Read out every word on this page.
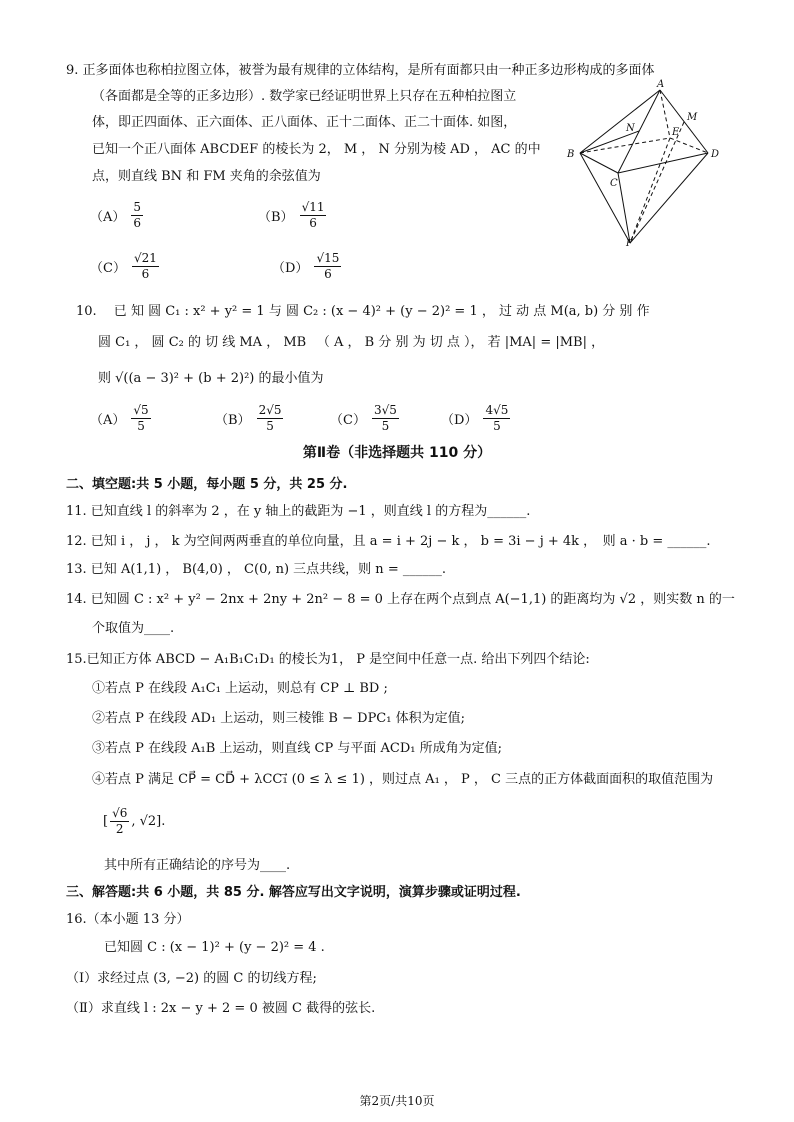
9. 正多面体也称柏拉图立体，被誉为最有规律的立体结构，是所有面都只由一种正多边形构成的多面体
（各面都是全等的正多边形）. 数学家已经证明世界上只存在五种柏拉图立
体，即正四面体、正六面体、正八面体、正十二面体、正二十面体. 如图，
已知一个正八面体 ABCDEF 的棱长为 2， M ， N 分别为棱 AD ， AC 的中
点，则直线 BN 和 FM 夹角的余弦值为
$(A) \frac{5}{6}$	$(B) \frac{√11}{6}$
$(C) \frac{√21}{6}$	$(D) \frac{√15}{6}$
A
B
C
D
E
F
M
N
10.　 已 知 圆 C₁ : x² + y² = 1 与 圆 C₂ : (x − 4)² + (y − 2)² = 1 ， 过 动 点 M(a, b) 分 别 作
圆 C₁ ， 圆 C₂ 的 切 线 MA ， MB 　（ A ， B 分 别 为 切 点 ）， 若 |MA| = |MB| ，
则 √((a − 3)² + (b + 2)²) 的最小值为
$(A) \frac{√5}{5}$	$(B) \frac{2√5}{5}$	$(C) \frac{3√5}{5}$	$(D) \frac{4√5}{5}$
第Ⅱ卷（非选择题共 110 分）
二、填空题:共 5 小题，每小题 5 分，共 25 分.
11. 已知直线 l 的斜率为 2 ，在 y 轴上的截距为 −1 ，则直线 l 的方程为______.
12. 已知 i ， j ， k 为空间两两垂直的单位向量，且 a = i + 2j − k ， b = 3i − j + 4k ，　则 a · b = ______.
13. 已知 A(1,1) ， B(4,0) ， C(0, n) 三点共线，则 n = ______.
14. 已知圆 C : x² + y² − 2nx + 2ny + 2n² − 8 = 0 上存在两个点到点 A(−1,1) 的距离均为 √2 ，则实数 n 的一
个取值为____.
15.已知正方体 ABCD − A₁B₁C₁D₁ 的棱长为1， P 是空间中任意一点. 给出下列四个结论:
①若点 P 在线段 A₁C₁ 上运动，则总有 CP ⊥ BD ;
②若点 P 在线段 AD₁ 上运动，则三棱锥 B − DPC₁ 体积为定值;
③若点 P 在线段 A₁B 上运动，则直线 CP 与平面 ACD₁ 所成角为定值;
④若点 P 满足 CP⃗ = CD⃗ + λCC₁⃗ (0 ≤ λ ≤ 1) ，则过点 A₁ ， P ， C 三点的正方体截面面积的取值范围为
[ $\frac{√6}{2}$ , √2].
其中所有正确结论的序号为____.
三、解答题:共 6 小题，共 85 分. 解答应写出文字说明，演算步骤或证明过程.
16.（本小题 13 分）
已知圆 C : (x − 1)² + (y − 2)² = 4 .
（Ⅰ）求经过点 (3, −2) 的圆 C 的切线方程;
（Ⅱ）求直线 l : 2x − y + 2 = 0 被圆 C 截得的弦长.
第2页/共10页
